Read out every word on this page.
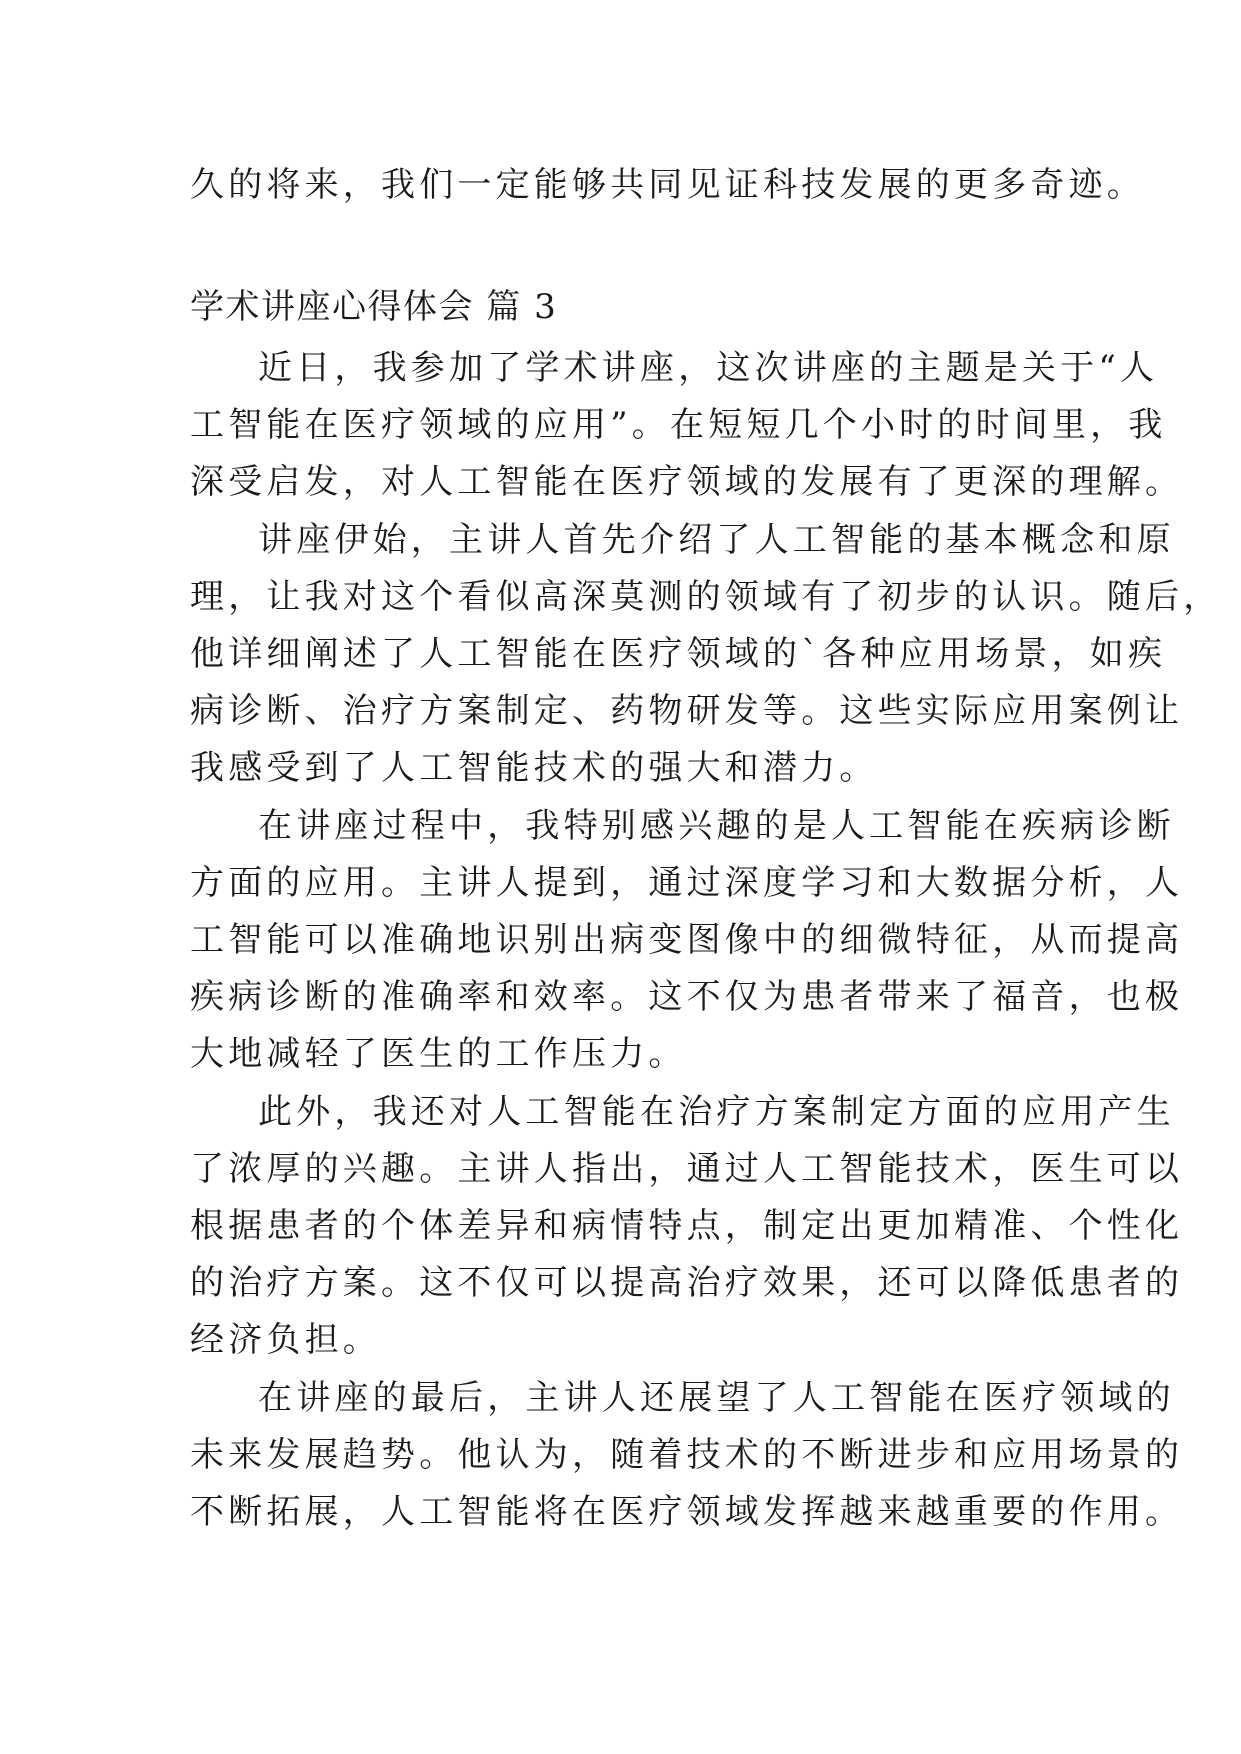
久的将来，我们一定能够共同见证科技发展的更多奇迹。
学术讲座心得体会 篇 3
近日，我参加了学术讲座，这次讲座的主题是关于“人
工智能在医疗领域的应用”。在短短几个小时的时间里，我
深受启发，对人工智能在医疗领域的发展有了更深的理解。
讲座伊始，主讲人首先介绍了人工智能的基本概念和原
理，让我对这个看似高深莫测的领域有了初步的认识。随后，
他详细阐述了人工智能在医疗领域的`各种应用场景，如疾
病诊断、治疗方案制定、药物研发等。这些实际应用案例让
我感受到了人工智能技术的强大和潜力。
在讲座过程中，我特别感兴趣的是人工智能在疾病诊断
方面的应用。主讲人提到，通过深度学习和大数据分析，人
工智能可以准确地识别出病变图像中的细微特征，从而提高
疾病诊断的准确率和效率。这不仅为患者带来了福音，也极
大地减轻了医生的工作压力。
此外，我还对人工智能在治疗方案制定方面的应用产生
了浓厚的兴趣。主讲人指出，通过人工智能技术，医生可以
根据患者的个体差异和病情特点，制定出更加精准、个性化
的治疗方案。这不仅可以提高治疗效果，还可以降低患者的
经济负担。
在讲座的最后，主讲人还展望了人工智能在医疗领域的
未来发展趋势。他认为，随着技术的不断进步和应用场景的
不断拓展，人工智能将在医疗领域发挥越来越重要的作用。
